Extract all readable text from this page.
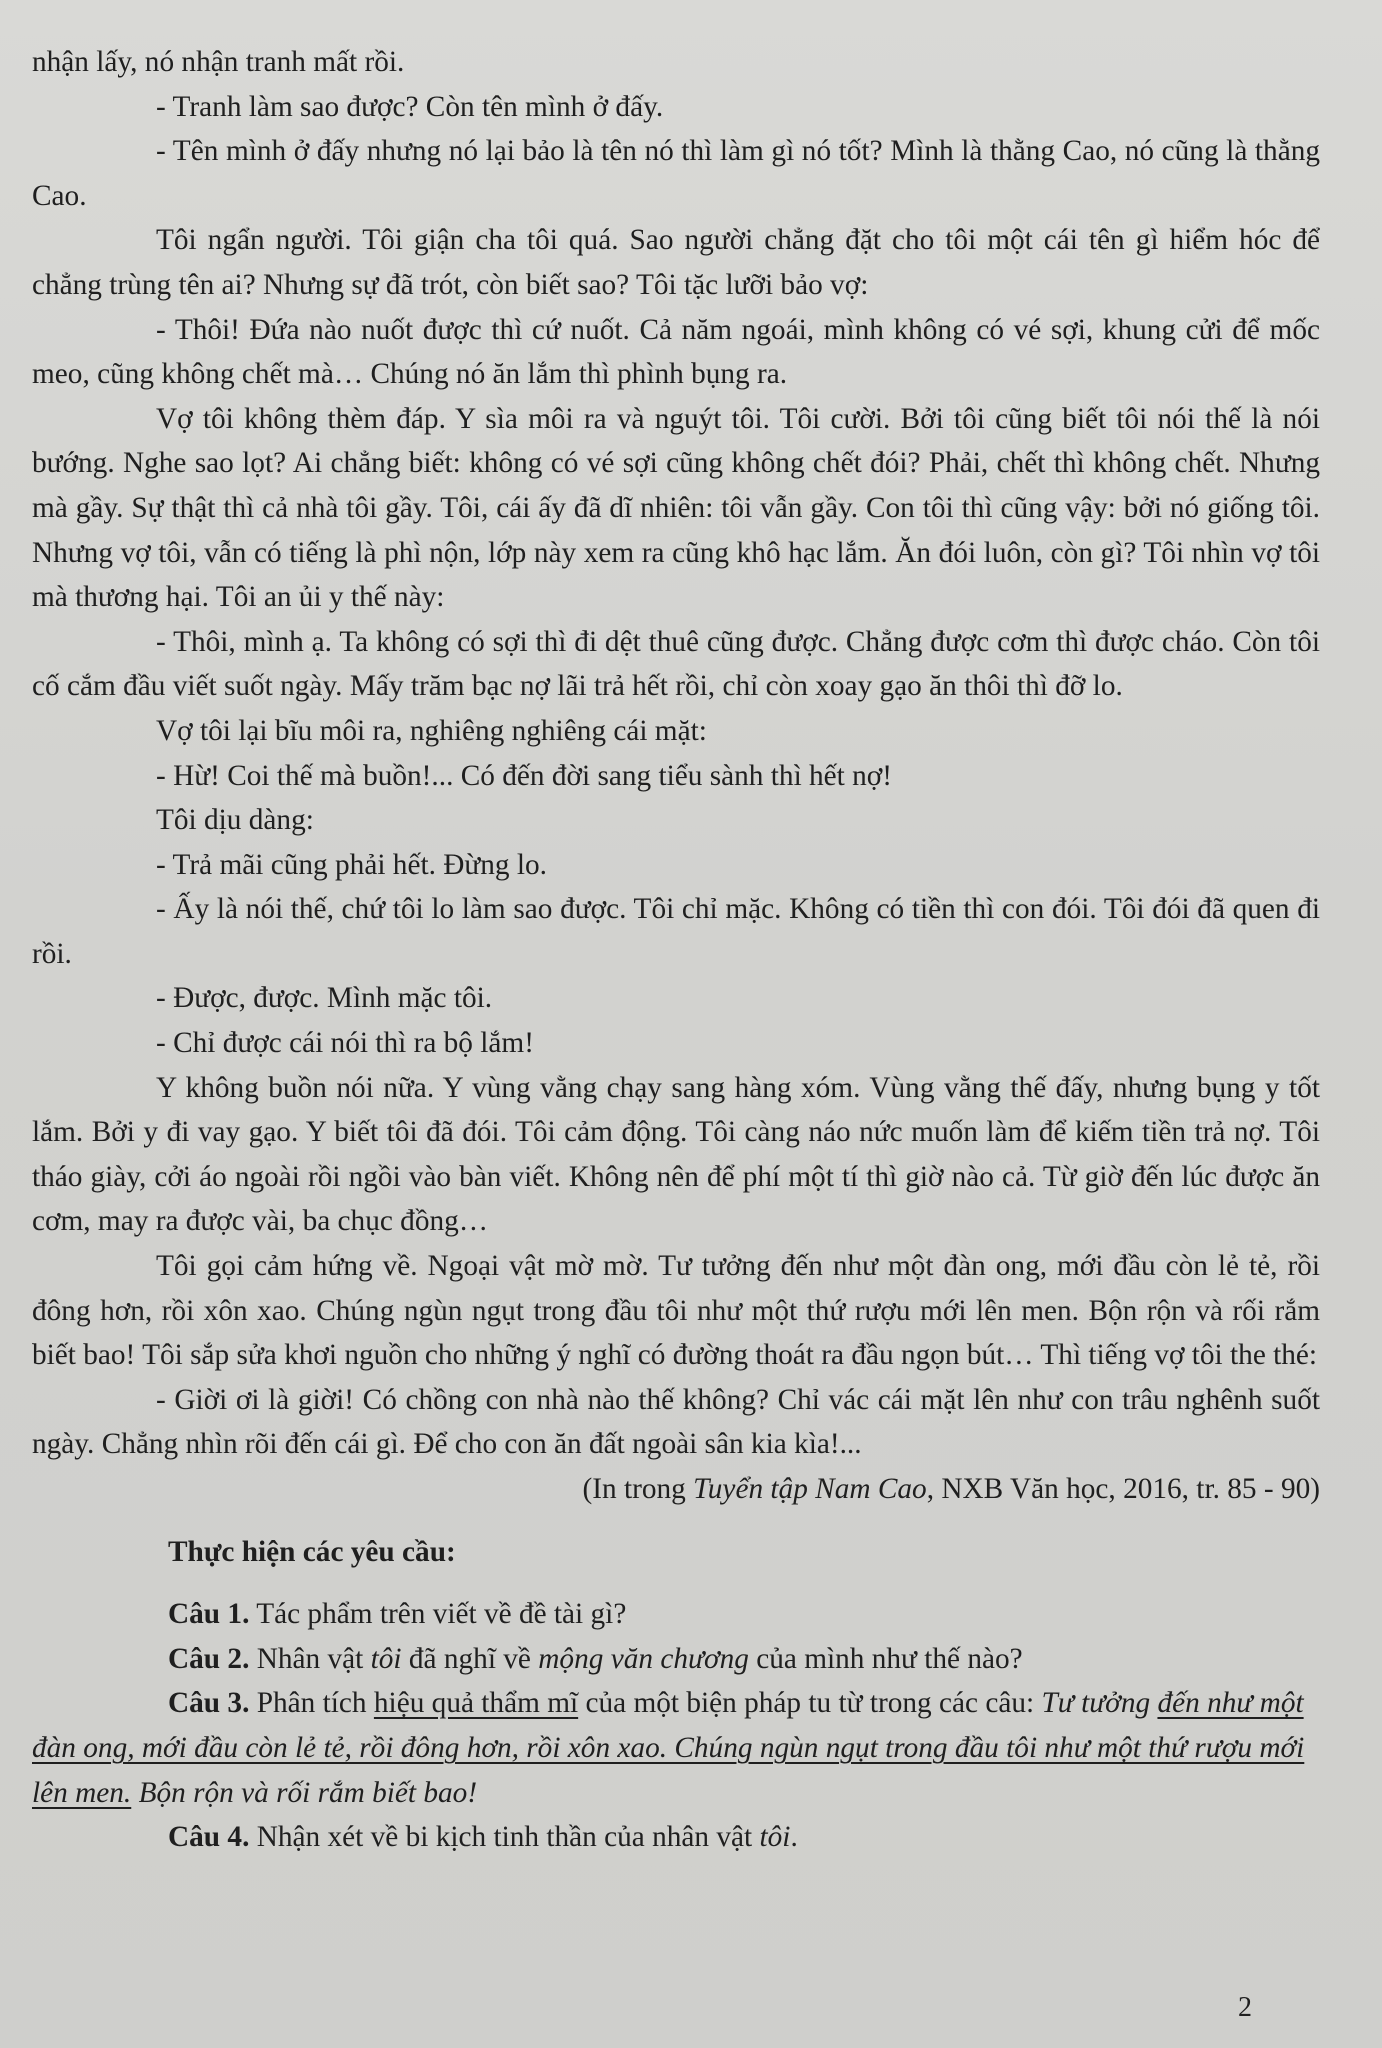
nhận lấy, nó nhận tranh mất rồi.

- Tranh làm sao được? Còn tên mình ở đấy.

- Tên mình ở đấy nhưng nó lại bảo là tên nó thì làm gì nó tốt? Mình là thằng Cao, nó cũng là thằng Cao.

Tôi ngẩn người. Tôi giận cha tôi quá. Sao người chẳng đặt cho tôi một cái tên gì hiểm hóc để chẳng trùng tên ai? Nhưng sự đã trót, còn biết sao? Tôi tặc lưỡi bảo vợ:

- Thôi! Đứa nào nuốt được thì cứ nuốt. Cả năm ngoái, mình không có vé sợi, khung cửi để mốc meo, cũng không chết mà… Chúng nó ăn lắm thì phình bụng ra.

Vợ tôi không thèm đáp. Y sìa môi ra và nguýt tôi. Tôi cười. Bởi tôi cũng biết tôi nói thế là nói bướng. Nghe sao lọt? Ai chẳng biết: không có vé sợi cũng không chết đói? Phải, chết thì không chết. Nhưng mà gầy. Sự thật thì cả nhà tôi gầy. Tôi, cái ấy đã dĩ nhiên: tôi vẫn gầy. Con tôi thì cũng vậy: bởi nó giống tôi. Nhưng vợ tôi, vẫn có tiếng là phì nộn, lớp này xem ra cũng khô hạc lắm. Ăn đói luôn, còn gì? Tôi nhìn vợ tôi mà thương hại. Tôi an ủi y thế này:

- Thôi, mình ạ. Ta không có sợi thì đi dệt thuê cũng được. Chẳng được cơm thì được cháo. Còn tôi cố cắm đầu viết suốt ngày. Mấy trăm bạc nợ lãi trả hết rồi, chỉ còn xoay gạo ăn thôi thì đỡ lo.

Vợ tôi lại bĩu môi ra, nghiêng nghiêng cái mặt:

- Hừ! Coi thế mà buồn!... Có đến đời sang tiểu sành thì hết nợ!

Tôi dịu dàng:

- Trả mãi cũng phải hết. Đừng lo.

- Ấy là nói thế, chứ tôi lo làm sao được. Tôi chỉ mặc. Không có tiền thì con đói. Tôi đói đã quen đi rồi.

- Được, được. Mình mặc tôi.

- Chỉ được cái nói thì ra bộ lắm!

Y không buồn nói nữa. Y vùng vằng chạy sang hàng xóm. Vùng vằng thế đấy, nhưng bụng y tốt lắm. Bởi y đi vay gạo. Y biết tôi đã đói. Tôi cảm động. Tôi càng náo nức muốn làm để kiếm tiền trả nợ. Tôi tháo giày, cởi áo ngoài rồi ngồi vào bàn viết. Không nên để phí một tí thì giờ nào cả. Từ giờ đến lúc được ăn cơm, may ra được vài, ba chục đồng…

Tôi gọi cảm hứng về. Ngoại vật mờ mờ. Tư tưởng đến như một đàn ong, mới đầu còn lẻ tẻ, rồi đông hơn, rồi xôn xao. Chúng ngùn ngụt trong đầu tôi như một thứ rượu mới lên men. Bộn rộn và rối rắm biết bao! Tôi sắp sửa khơi nguồn cho những ý nghĩ có đường thoát ra đầu ngọn bút… Thì tiếng vợ tôi the thé:

- Giời ơi là giời! Có chồng con nhà nào thế không? Chỉ vác cái mặt lên như con trâu nghênh suốt ngày. Chẳng nhìn rõi đến cái gì. Để cho con ăn đất ngoài sân kia kìa!...

(In trong Tuyển tập Nam Cao, NXB Văn học, 2016, tr. 85 - 90)

Thực hiện các yêu cầu:

Câu 1. Tác phẩm trên viết về đề tài gì?

Câu 2. Nhân vật tôi đã nghĩ về mộng văn chương của mình như thế nào?

Câu 3. Phân tích hiệu quả thẩm mĩ của một biện pháp tu từ trong các câu: Tư tưởng đến như một đàn ong, mới đầu còn lẻ tẻ, rồi đông hơn, rồi xôn xao. Chúng ngùn ngụt trong đầu tôi như một thứ rượu mới lên men. Bộn rộn và rối rắm biết bao!

Câu 4. Nhận xét về bi kịch tinh thần của nhân vật tôi.

2
